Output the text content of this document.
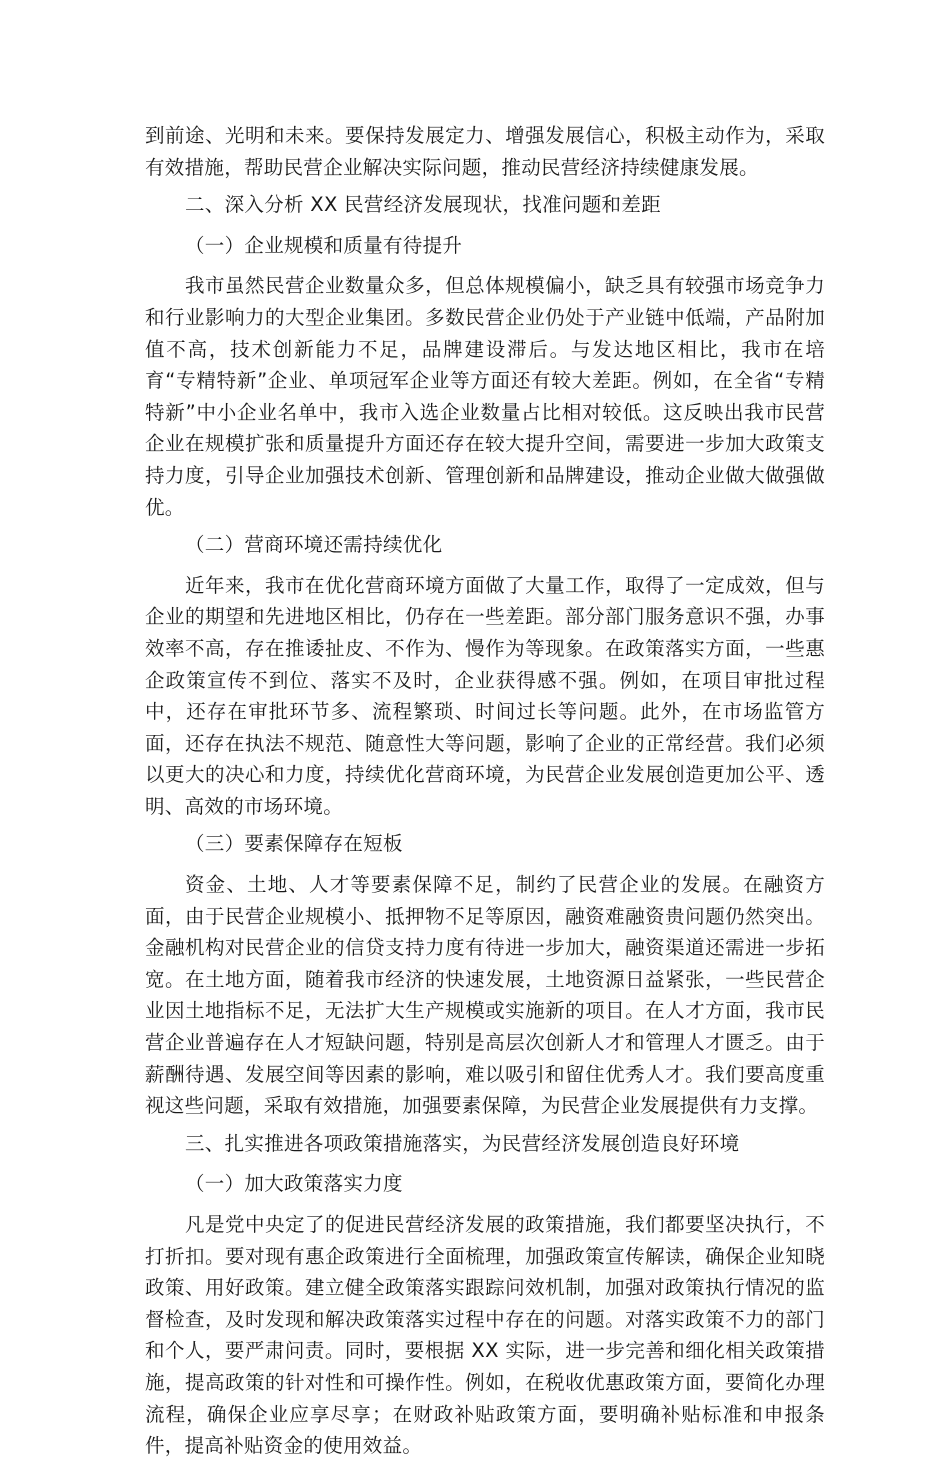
到前途、光明和未来。要保持发展定力、增强发展信心，积极主动作为，采取有效措施，帮助民营企业解决实际问题，推动民营经济持续健康发展。

二、深入分析 XX 民营经济发展现状，找准问题和差距
（一）企业规模和质量有待提升

我市虽然民营企业数量众多，但总体规模偏小，缺乏具有较强市场竞争力和行业影响力的大型企业集团。多数民营企业仍处于产业链中低端，产品附加值不高，技术创新能力不足，品牌建设滞后。与发达地区相比，我市在培育“专精特新”企业、单项冠军企业等方面还有较大差距。例如，在全省“专精特新”中小企业名单中，我市入选企业数量占比相对较低。这反映出我市民营企业在规模扩张和质量提升方面还存在较大提升空间，需要进一步加大政策支持力度，引导企业加强技术创新、管理创新和品牌建设，推动企业做大做强做优。

（二）营商环境还需持续优化

近年来，我市在优化营商环境方面做了大量工作，取得了一定成效，但与企业的期望和先进地区相比，仍存在一些差距。部分部门服务意识不强，办事效率不高，存在推诿扯皮、不作为、慢作为等现象。在政策落实方面，一些惠企政策宣传不到位、落实不及时，企业获得感不强。例如，在项目审批过程中，还存在审批环节多、流程繁琐、时间过长等问题。此外，在市场监管方面，还存在执法不规范、随意性大等问题，影响了企业的正常经营。我们必须以更大的决心和力度，持续优化营商环境，为民营企业发展创造更加公平、透明、高效的市场环境。

（三）要素保障存在短板

资金、土地、人才等要素保障不足，制约了民营企业的发展。在融资方面，由于民营企业规模小、抵押物不足等原因，融资难融资贵问题仍然突出。金融机构对民营企业的信贷支持力度有待进一步加大，融资渠道还需进一步拓宽。在土地方面，随着我市经济的快速发展，土地资源日益紧张，一些民营企业因土地指标不足，无法扩大生产规模或实施新的项目。在人才方面，我市民营企业普遍存在人才短缺问题，特别是高层次创新人才和管理人才匮乏。由于薪酬待遇、发展空间等因素的影响，难以吸引和留住优秀人才。我们要高度重视这些问题，采取有效措施，加强要素保障，为民营企业发展提供有力支撑。

三、扎实推进各项政策措施落实，为民营经济发展创造良好环境
（一）加大政策落实力度

凡是党中央定了的促进民营经济发展的政策措施，我们都要坚决执行，不打折扣。要对现有惠企政策进行全面梳理，加强政策宣传解读，确保企业知晓政策、用好政策。建立健全政策落实跟踪问效机制，加强对政策执行情况的监督检查，及时发现和解决政策落实过程中存在的问题。对落实政策不力的部门和个人，要严肃问责。同时，要根据 XX 实际，进一步完善和细化相关政策措施，提高政策的针对性和可操作性。例如，在税收优惠政策方面，要简化办理流程，确保企业应享尽享；在财政补贴政策方面，要明确补贴标准和申报条件，提高补贴资金的使用效益。
